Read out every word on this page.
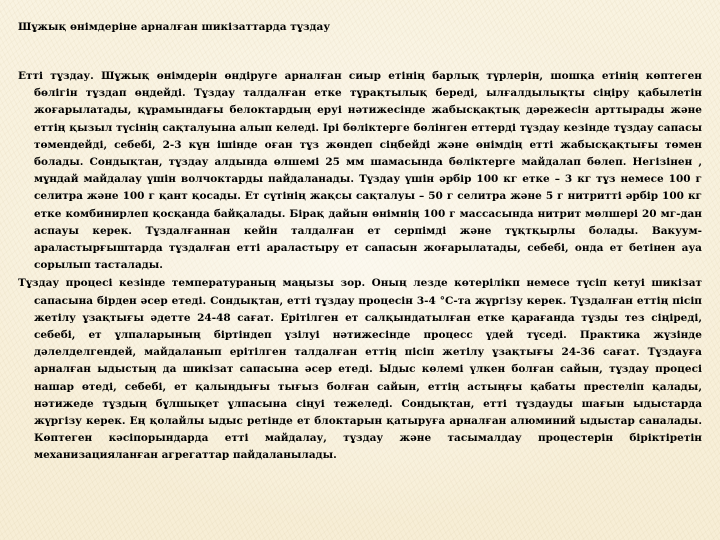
Шұжық өнімдеріне арналған шикізаттарда тұздау

Етті тұздау. Шұжық өнімдерін өндіруге арналған сиыр етінің барлық түрлерін, шошқа етінің көптеген бөлігін тұздап өңдейді. Тұздау талдалған етке тұрақтылық береді, ылғалдылықты сіңіру қабылетін жоғарылатады, құрамындағы белоктардың еруі нәтижесінде жабысқақтық дәрежесін арттырады және еттің қызыл түсінің сақталуына алып келеді. Ірі бөліктерге бөлінген еттерді тұздау кезінде тұздау сапасы төмендейді, себебі, 2-3 күн ішінде оған тұз жөндеп сіңбейді және өнімдің етті жабысқақтығы төмен болады. Сондықтан, тұздау алдында өлшемі 25 мм шамасында бөліктерге майдалап бөлеп. Негізінен , мұндай майдалау үшін волчоктарды пайдаланады. Тұздау үшін әрбір 100 кг етке – 3 кг тұз немесе 100 г селитра және 100 г қант қосады. Ет сүтінің жақсы сақталуы – 50 г селитра және 5 г нитритті әрбір 100 кг етке комбинирлеп қосқанда байқалады. Бірақ дайын өнімнің 100 г массасында нитрит мөлшері 20 мг-дан аспауы керек. Тұздалғаннан кейін талдалған ет серпімді және тұқтқырлы болады. Вакуум-араластырғыштарда тұздалған етті араластыру ет сапасын жоғарылатады, себебі, онда ет бетінен ауа сорылып тасталады.

Тұздау процесі кезінде температураның маңызы зор. Оның лезде көтерілікп немесе түсіп кетуі шикізат сапасына бірден әсер етеді. Сондықтан, етті тұздау процесін 3-4 °С-та жүргізу керек. Тұздалған еттің пісіп жетілу ұзақтығы әдетте 24-48 сағат. Ерітілген ет салқындатылған етке қарағанда тұзды тез сіңіреді, себебі, ет ұлпаларының біртіндеп үзілуі нәтижесінде процесс үдей түседі. Практика жүзінде дәлелделгендей, майдаланып ерітілген талдалған еттің пісіп жетілу ұзақтығы 24-36 сағат. Тұздауға арналған ыдыстың да шикізат сапасына әсер етеді. Ыдыс көлемі үлкен болған сайын, тұздау процесі нашар өтеді, себебі, ет қалыңдығы тығыз болған сайын, еттің астыңғы қабаты престеліп қалады, нәтижеде тұздың бұлшықет ұлпасына сіңуі тежеледі. Сондықтан, етті тұздауды шағын ыдыстарда жүргізу керек. Ең қолайлы ыдыс ретінде ет блоктарын қатыруға арналған алюминий ыдыстар саналады. Көптеген кәсіпорындарда етті майдалау, тұздау және тасымалдау процестерін біріктіретін механизацияланған агрегаттар пайдаланылады.
